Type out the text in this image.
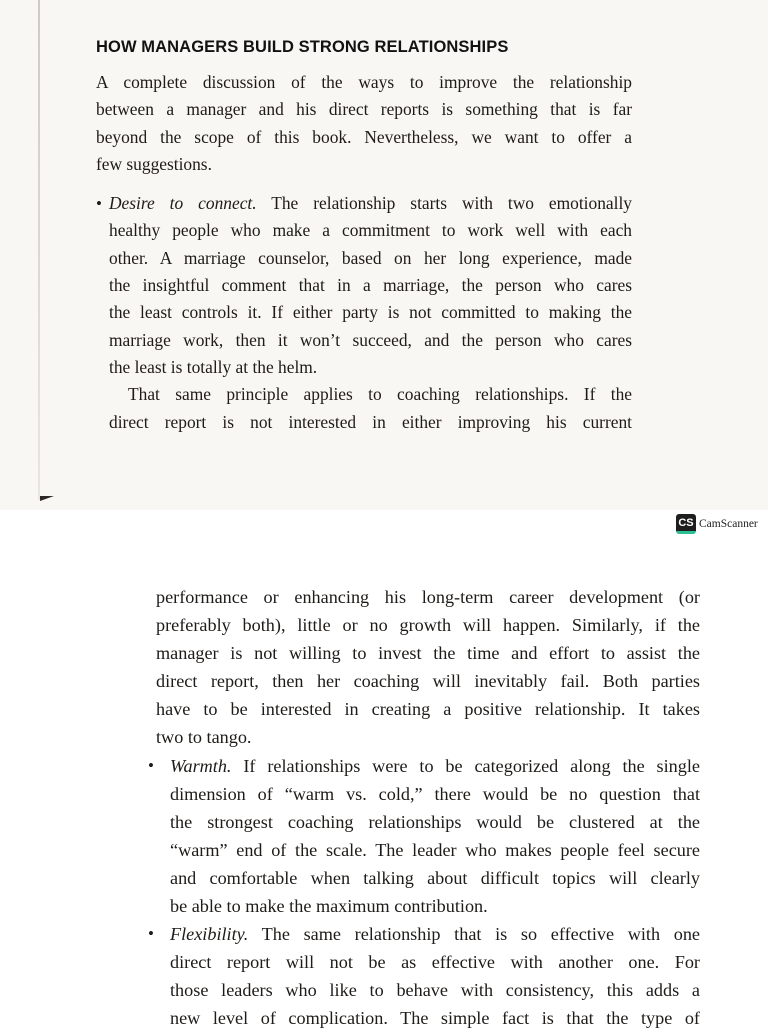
HOW MANAGERS BUILD STRONG RELATIONSHIPS

A complete discussion of the ways to improve the relationship
between a manager and his direct reports is something that is far
beyond the scope of this book. Nevertheless, we want to offer a
few suggestions.

• Desire to connect. The relationship starts with two emotionally
healthy people who make a commitment to work well with each
other. A marriage counselor, based on her long experience, made
the insightful comment that in a marriage, the person who cares
the least controls it. If either party is not committed to making the
marriage work, then it won’t succeed, and the person who cares
the least is totally at the helm.
That same principle applies to coaching relationships. If the
direct report is not interested in either improving his current

CS CamScanner

performance or enhancing his long-term career development (or
preferably both), little or no growth will happen. Similarly, if the
manager is not willing to invest the time and effort to assist the
direct report, then her coaching will inevitably fail. Both parties
have to be interested in creating a positive relationship. It takes
two to tango.

• Warmth. If relationships were to be categorized along the single
dimension of “warm vs. cold,” there would be no question that
the strongest coaching relationships would be clustered at the
“warm” end of the scale. The leader who makes people feel secure
and comfortable when talking about difficult topics will clearly
be able to make the maximum contribution.

• Flexibility. The same relationship that is so effective with one
direct report will not be as effective with another one. For
those leaders who like to behave with consistency, this adds a
new level of complication. The simple fact is that the type of
